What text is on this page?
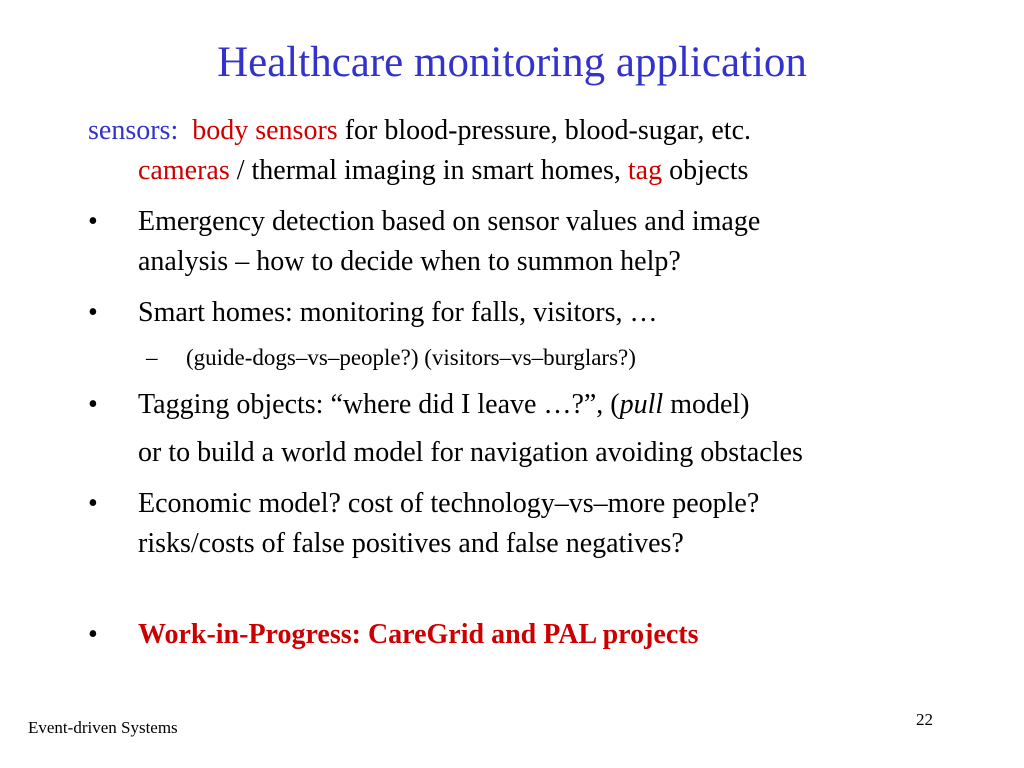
Healthcare monitoring application
sensors: body sensors for blood-pressure, blood-sugar, etc.
cameras / thermal imaging in smart homes, tag objects
• Emergency detection based on sensor values and image
analysis – how to decide when to summon help?
• Smart homes: monitoring for falls, visitors, …
– (guide-dogs–vs–people?) (visitors–vs–burglars?)
• Tagging objects: “where did I leave …?”, (pull model)
or to build a world model for navigation avoiding obstacles
• Economic model? cost of technology–vs–more people?
risks/costs of false positives and false negatives?
• Work-in-Progress: CareGrid and PAL projects
Event-driven Systems	22
